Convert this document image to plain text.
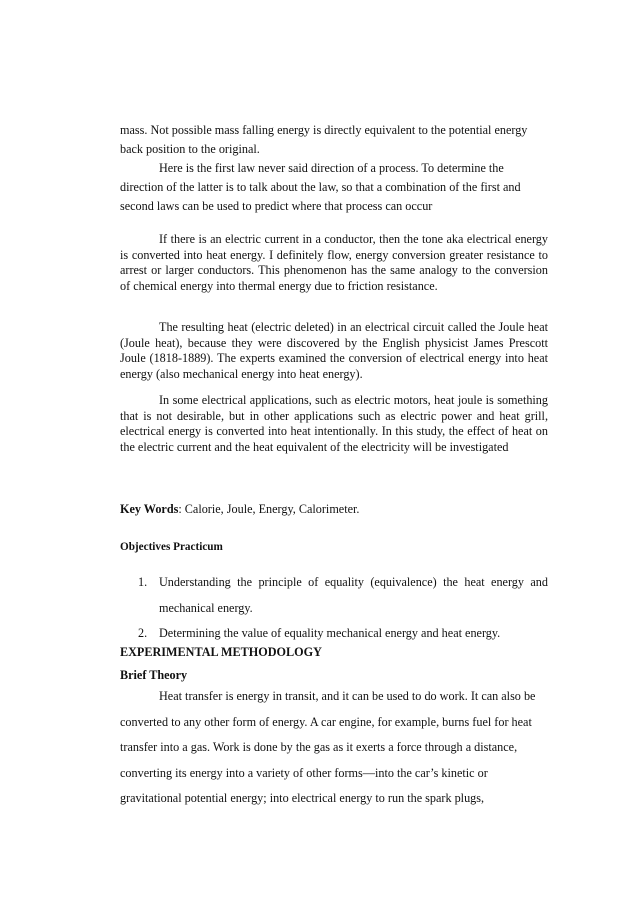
mass. Not possible mass falling energy is directly equivalent to the potential energy back position to the original.

Here is the first law never said direction of a process. To determine the direction of the latter is to talk about the law, so that a combination of the first and second laws can be used to predict where that process can occur

If there is an electric current in a conductor, then the tone aka electrical energy is converted into heat energy. I definitely flow, energy conversion greater resistance to arrest or larger conductors. This phenomenon has the same analogy to the conversion of chemical energy into thermal energy due to friction resistance.

The resulting heat (electric deleted) in an electrical circuit called the Joule heat (Joule heat), because they were discovered by the English physicist James Prescott Joule (1818-1889). The experts examined the conversion of electrical energy into heat energy (also mechanical energy into heat energy).

In some electrical applications, such as electric motors, heat joule is something that is not desirable, but in other applications such as electric power and heat grill, electrical energy is converted into heat intentionally. In this study, the effect of heat on the electric current and the heat equivalent of the electricity will be investigated

Key Words: Calorie, Joule, Energy, Calorimeter.

Objectives Practicum

1. Understanding the principle of equality (equivalence) the heat energy and mechanical energy.
2. Determining the value of equality mechanical energy and heat energy.

EXPERIMENTAL METHODOLOGY

Brief Theory

Heat transfer is energy in transit, and it can be used to do work. It can also be converted to any other form of energy. A car engine, for example, burns fuel for heat transfer into a gas. Work is done by the gas as it exerts a force through a distance, converting its energy into a variety of other forms—into the car’s kinetic or gravitational potential energy; into electrical energy to run the spark plugs,
